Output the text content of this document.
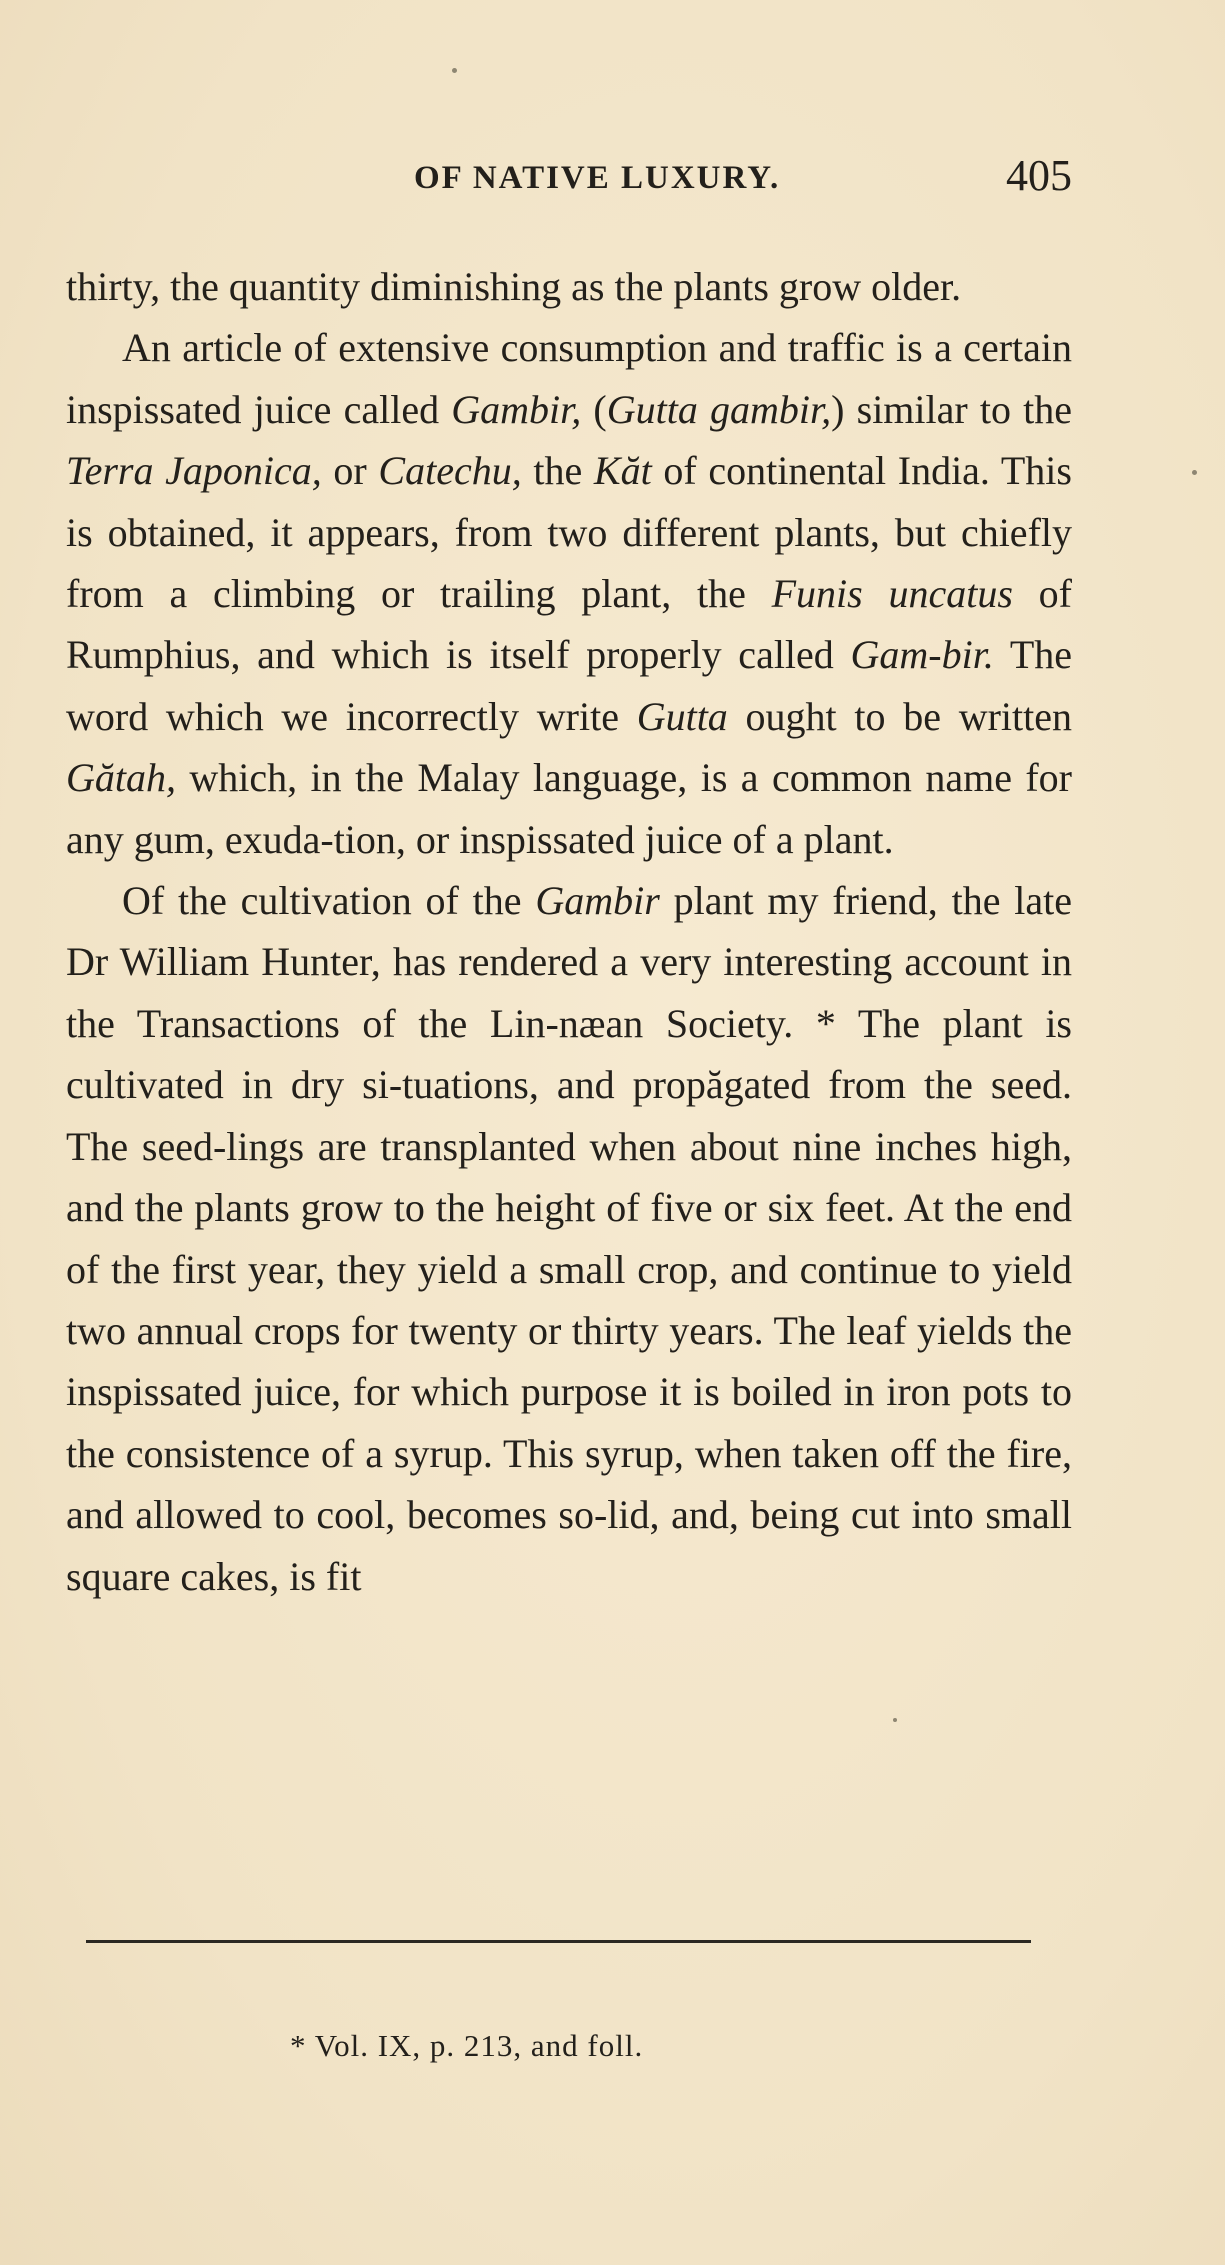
OF NATIVE LUXURY.	405

thirty, the quantity diminishing as the plants grow older.

An article of extensive consumption and traffic is a certain inspissated juice called Gambir, (Gutta gambir,) similar to the Terra Japonica, or Catechu, the Kăt of continental India. This is obtained, it appears, from two different plants, but chiefly from a climbing or trailing plant, the Funis uncatus of Rumphius, and which is itself properly called Gam-bir. The word which we incorrectly write Gutta ought to be written Gătah, which, in the Malay language, is a common name for any gum, exuda-tion, or inspissated juice of a plant.

Of the cultivation of the Gambir plant my friend, the late Dr William Hunter, has rendered a very interesting account in the Transactions of the Lin-næan Society. * The plant is cultivated in dry si-tuations, and propăgated from the seed. The seed-lings are transplanted when about nine inches high, and the plants grow to the height of five or six feet. At the end of the first year, they yield a small crop, and continue to yield two annual crops for twenty or thirty years. The leaf yields the inspissated juice, for which purpose it is boiled in iron pots to the consistence of a syrup. This syrup, when taken off the fire, and allowed to cool, becomes so-lid, and, being cut into small square cakes, is fit

* Vol. IX, p. 213, and foll.
